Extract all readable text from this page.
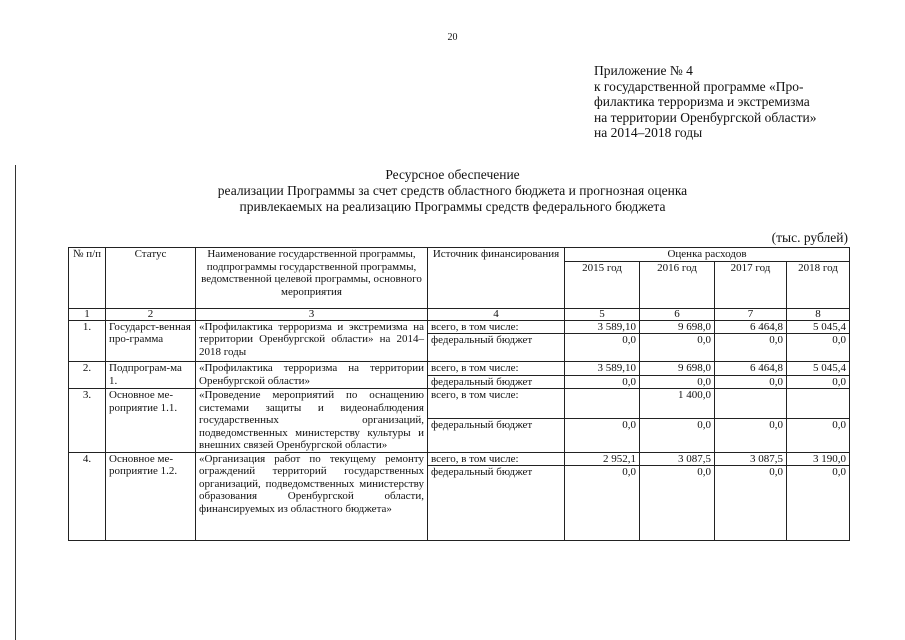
20
Приложение № 4
к государственной программе «Про-
филактика терроризма и экстремизма
на территории Оренбургской области»
на 2014–2018 годы
Ресурсное обеспечение
реализации Программы за счет средств областного бюджета и прогнозная оценка
привлекаемых на реализацию Программы средств федерального бюджета
(тыс. рублей)
№ п/п	Статус	Наименование государственной программы, подпрограммы государственной программы, ведомственной целевой программы, основного мероприятия	Источник финансирования	Оценка расходов			
				2015 год	2016 год	2017 год	2018 год
1	2	3	4	5	6	7	8
1.	Государст-венная про-грамма	«Профилактика терроризма и экстремизма на территории Оренбургской области» на 2014–2018 годы	всего, в том числе:	3 589,10	9 698,0	6 464,8	5 045,4
			федеральный бюджет	0,0	0,0	0,0	0,0
2.	Подпрограм-ма 1.	«Профилактика терроризма на территории Оренбургской области»	всего, в том числе:	3 589,10	9 698,0	6 464,8	5 045,4
			федеральный бюджет	0,0	0,0	0,0	0,0
3.	Основное ме-роприятие 1.1.	«Проведение мероприятий по оснащению системами защиты и видеонаблюдения государственных организаций, подведомственных министерству культуры и внешних связей Оренбургской области»	всего, в том числе:		1 400,0		
			федеральный бюджет	0,0	0,0	0,0	0,0
4.	Основное ме-роприятие 1.2.	«Организация работ по текущему ремонту ограждений территорий государственных организаций, подведомственных министерству образования Оренбургской области, финансируемых из областного бюджета»	всего, в том числе:	2 952,1	3 087,5	3 087,5	3 190,0
			федеральный бюджет	0,0	0,0	0,0	0,0
